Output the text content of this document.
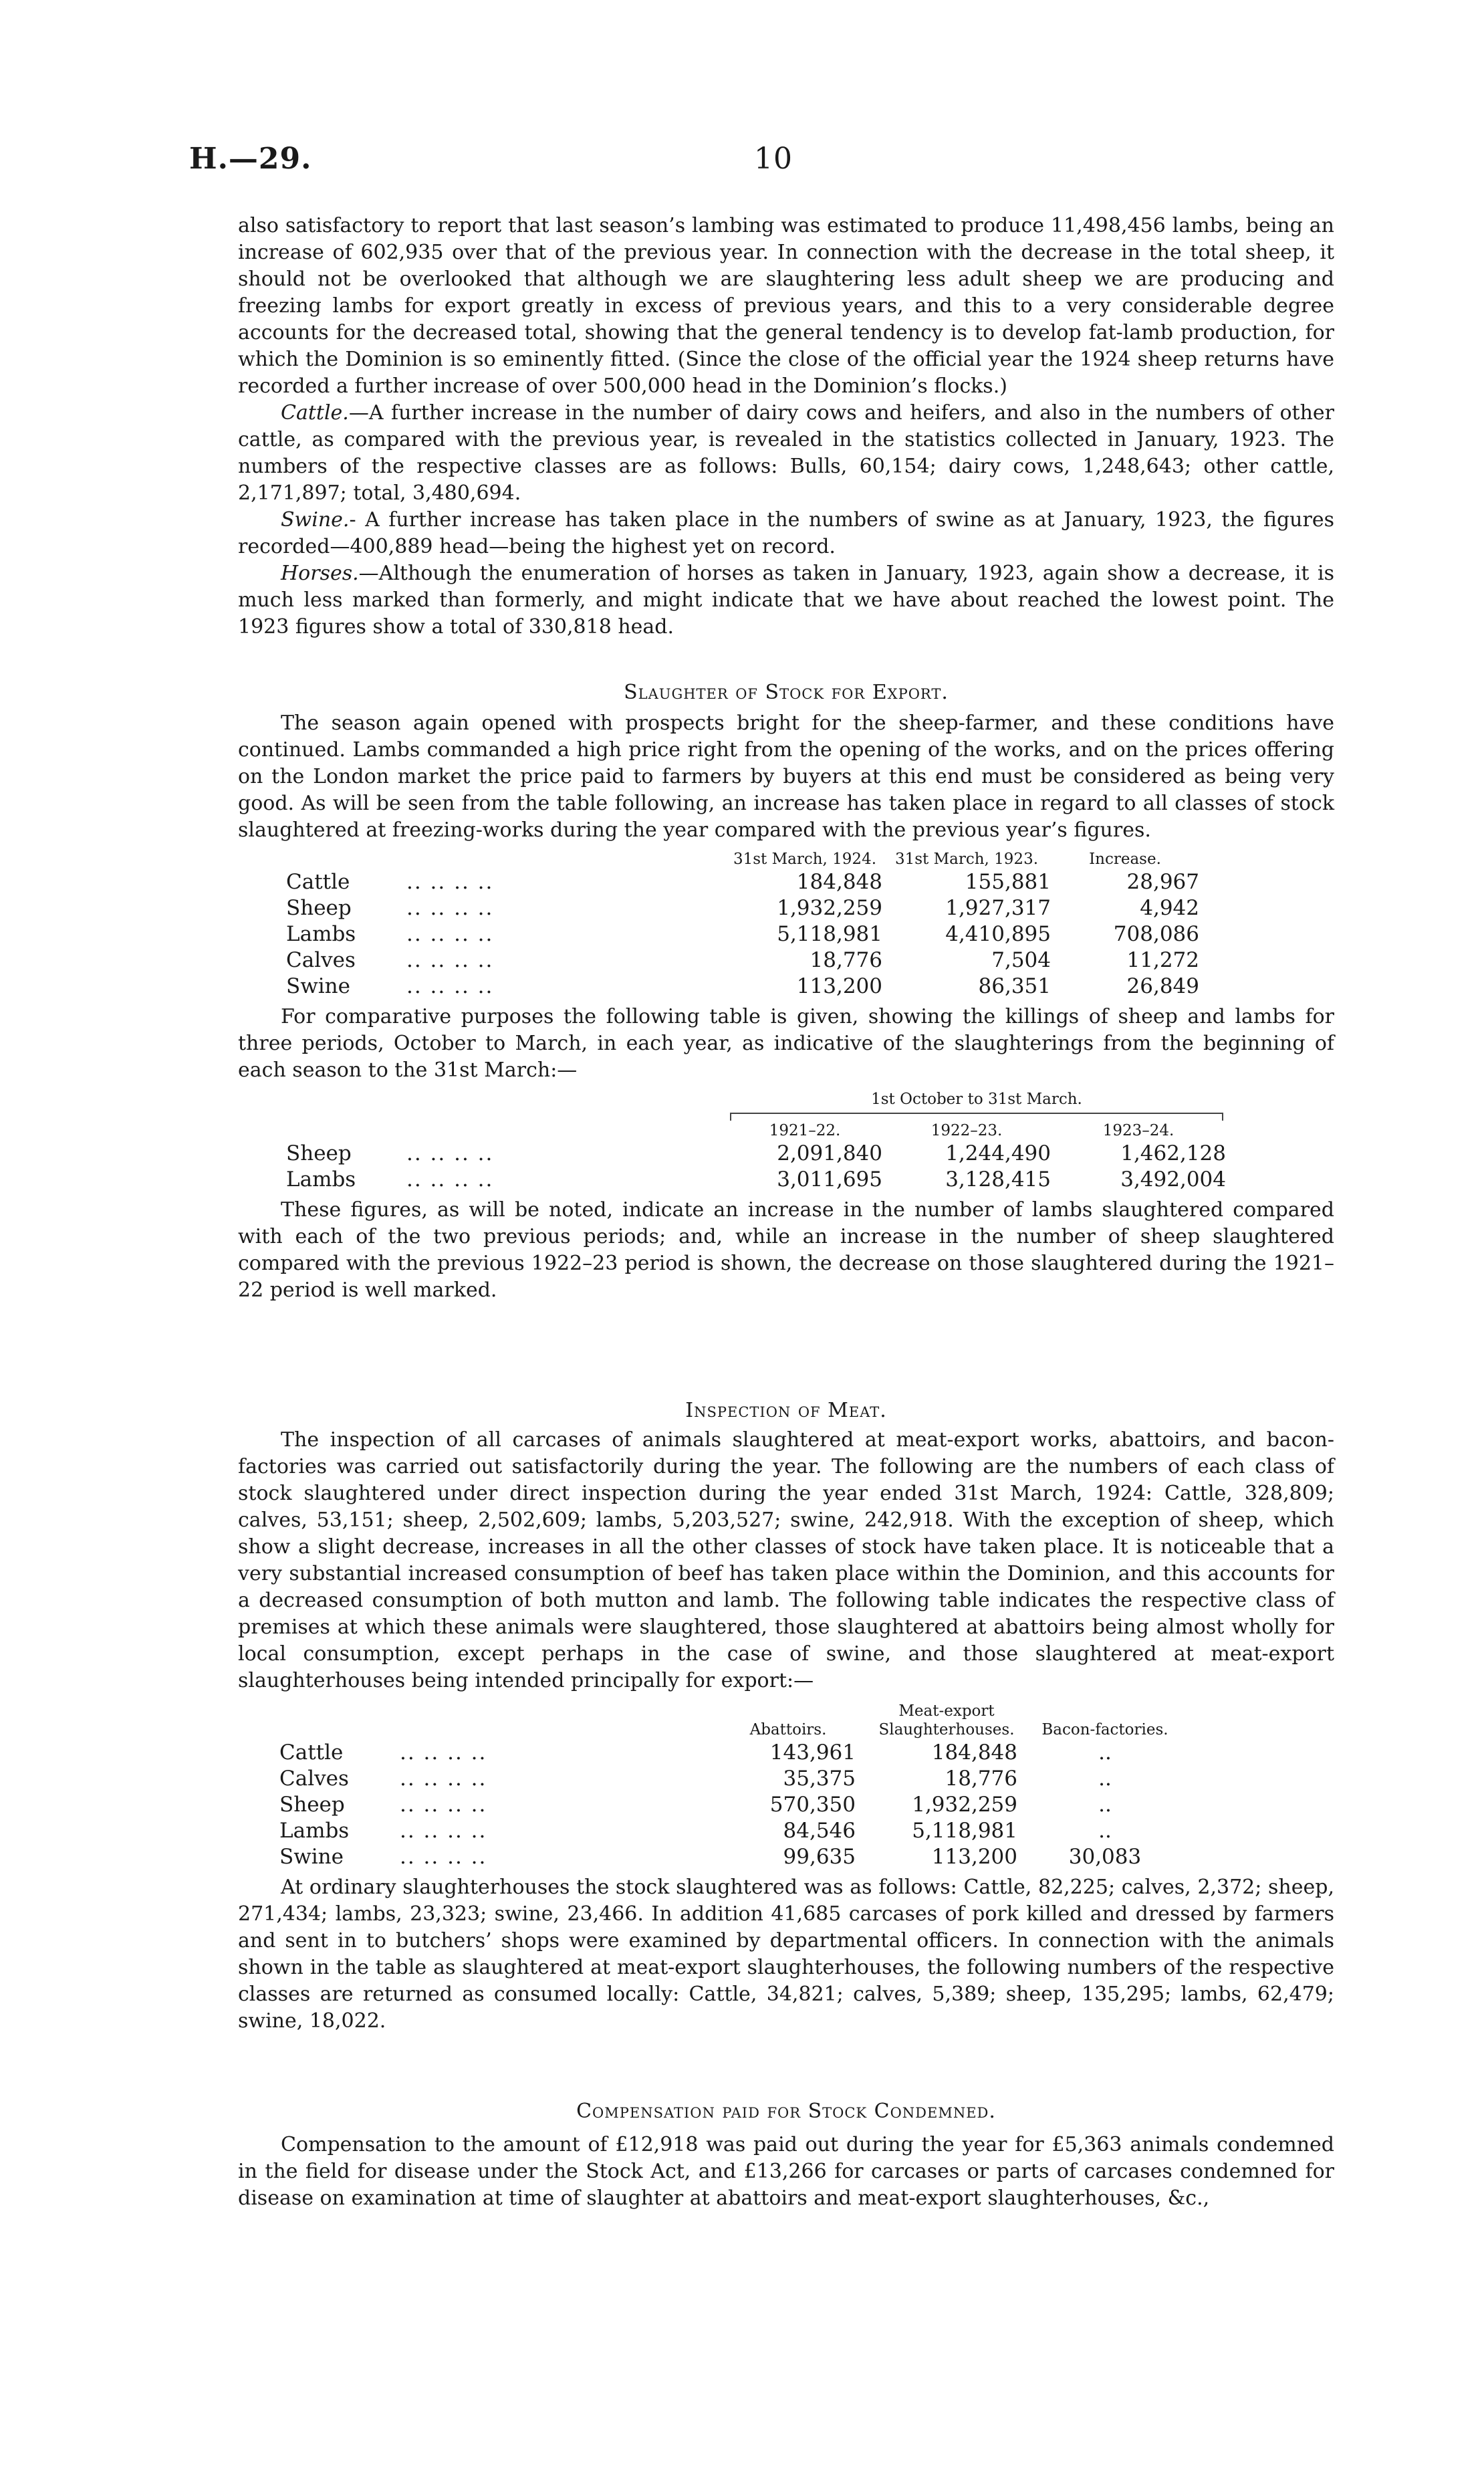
H.—29.	10

also satisfactory to report that last season’s lambing was estimated to produce 11,498,456 lambs, being an increase of 602,935 over that of the previous year. In connection with the decrease in the total sheep, it should not be overlooked that although we are slaughtering less adult sheep we are producing and freezing lambs for export greatly in excess of previous years, and this to a very considerable degree accounts for the decreased total, showing that the general tendency is to develop fat-lamb production, for which the Dominion is so eminently fitted. (Since the close of the official year the 1924 sheep returns have recorded a further increase of over 500,000 head in the Dominion’s flocks.)

Cattle.—A further increase in the number of dairy cows and heifers, and also in the numbers of other cattle, as compared with the previous year, is revealed in the statistics collected in January, 1923. The numbers of the respective classes are as follows: Bulls, 60,154; dairy cows, 1,248,643; other cattle, 2,171,897; total, 3,480,694.

Swine.- A further increase has taken place in the numbers of swine as at January, 1923, the figures recorded—400,889 head—being the highest yet on record.

Horses.—Although the enumeration of horses as taken in January, 1923, again show a decrease, it is much less marked than formerly, and might indicate that we have about reached the lowest point. The 1923 figures show a total of 330,818 head.

Slaughter of Stock for Export.

The season again opened with prospects bright for the sheep-farmer, and these conditions have continued. Lambs commanded a high price right from the opening of the works, and on the prices offering on the London market the price paid to farmers by buyers at this end must be considered as being very good. As will be seen from the table following, an increase has taken place in regard to all classes of stock slaughtered at freezing-works during the year compared with the previous year’s figures.

		31st March, 1924.	31st March, 1923.	Increase.
Cattle	.. .. .. ..	184,848	155,881	28,967
Sheep	.. .. .. ..	1,932,259	1,927,317	4,942
Lambs	.. .. .. ..	5,118,981	4,410,895	708,086
Calves	.. .. .. ..	18,776	7,504	11,272
Swine	.. .. .. ..	113,200	86,351	26,849

For comparative purposes the following table is given, showing the killings of sheep and lambs for three periods, October to March, in each year, as indicative of the slaughterings from the beginning of each season to the 31st March:—

		1st October to 31st March.		

		1921–22.	1922–23.	1923–24.
Sheep	.. .. .. ..	2,091,840	1,244,490	1,462,128
Lambs	.. .. .. ..	3,011,695	3,128,415	3,492,004

These figures, as will be noted, indicate an increase in the number of lambs slaughtered compared with each of the two previous periods; and, while an increase in the number of sheep slaughtered compared with the previous 1922–23 period is shown, the decrease on those slaughtered during the 1921–22 period is well marked.

Inspection of Meat.

The inspection of all carcases of animals slaughtered at meat-export works, abattoirs, and bacon-factories was carried out satisfactorily during the year. The following are the numbers of each class of stock slaughtered under direct inspection during the year ended 31st March, 1924: Cattle, 328,809; calves, 53,151; sheep, 2,502,609; lambs, 5,203,527; swine, 242,918. With the exception of sheep, which show a slight decrease, increases in all the other classes of stock have taken place. It is noticeable that a very substantial increased consumption of beef has taken place within the Dominion, and this accounts for a decreased consumption of both mutton and lamb. The following table indicates the respective class of premises at which these animals were slaughtered, those slaughtered at abattoirs being almost wholly for local consumption, except perhaps in the case of swine, and those slaughtered at meat-export slaughterhouses being intended principally for export:—

		Abattoirs.	Meat-export Slaughterhouses.	Bacon-factories.
Cattle	.. .. .. ..	143,961	184,848	..
Calves	.. .. .. ..	35,375	18,776	..
Sheep	.. .. .. ..	570,350	1,932,259	..
Lambs	.. .. .. ..	84,546	5,118,981	..
Swine	.. .. .. ..	99,635	113,200	30,083

At ordinary slaughterhouses the stock slaughtered was as follows: Cattle, 82,225; calves, 2,372; sheep, 271,434; lambs, 23,323; swine, 23,466. In addition 41,685 carcases of pork killed and dressed by farmers and sent in to butchers’ shops were examined by departmental officers. In connection with the animals shown in the table as slaughtered at meat-export slaughterhouses, the following numbers of the respective classes are returned as consumed locally: Cattle, 34,821; calves, 5,389; sheep, 135,295; lambs, 62,479; swine, 18,022.

Compensation paid for Stock Condemned.

Compensation to the amount of £12,918 was paid out during the year for £5,363 animals condemned in the field for disease under the Stock Act, and £13,266 for carcases or parts of carcases condemned for disease on examination at time of slaughter at abattoirs and meat-export slaughterhouses, &c.,
